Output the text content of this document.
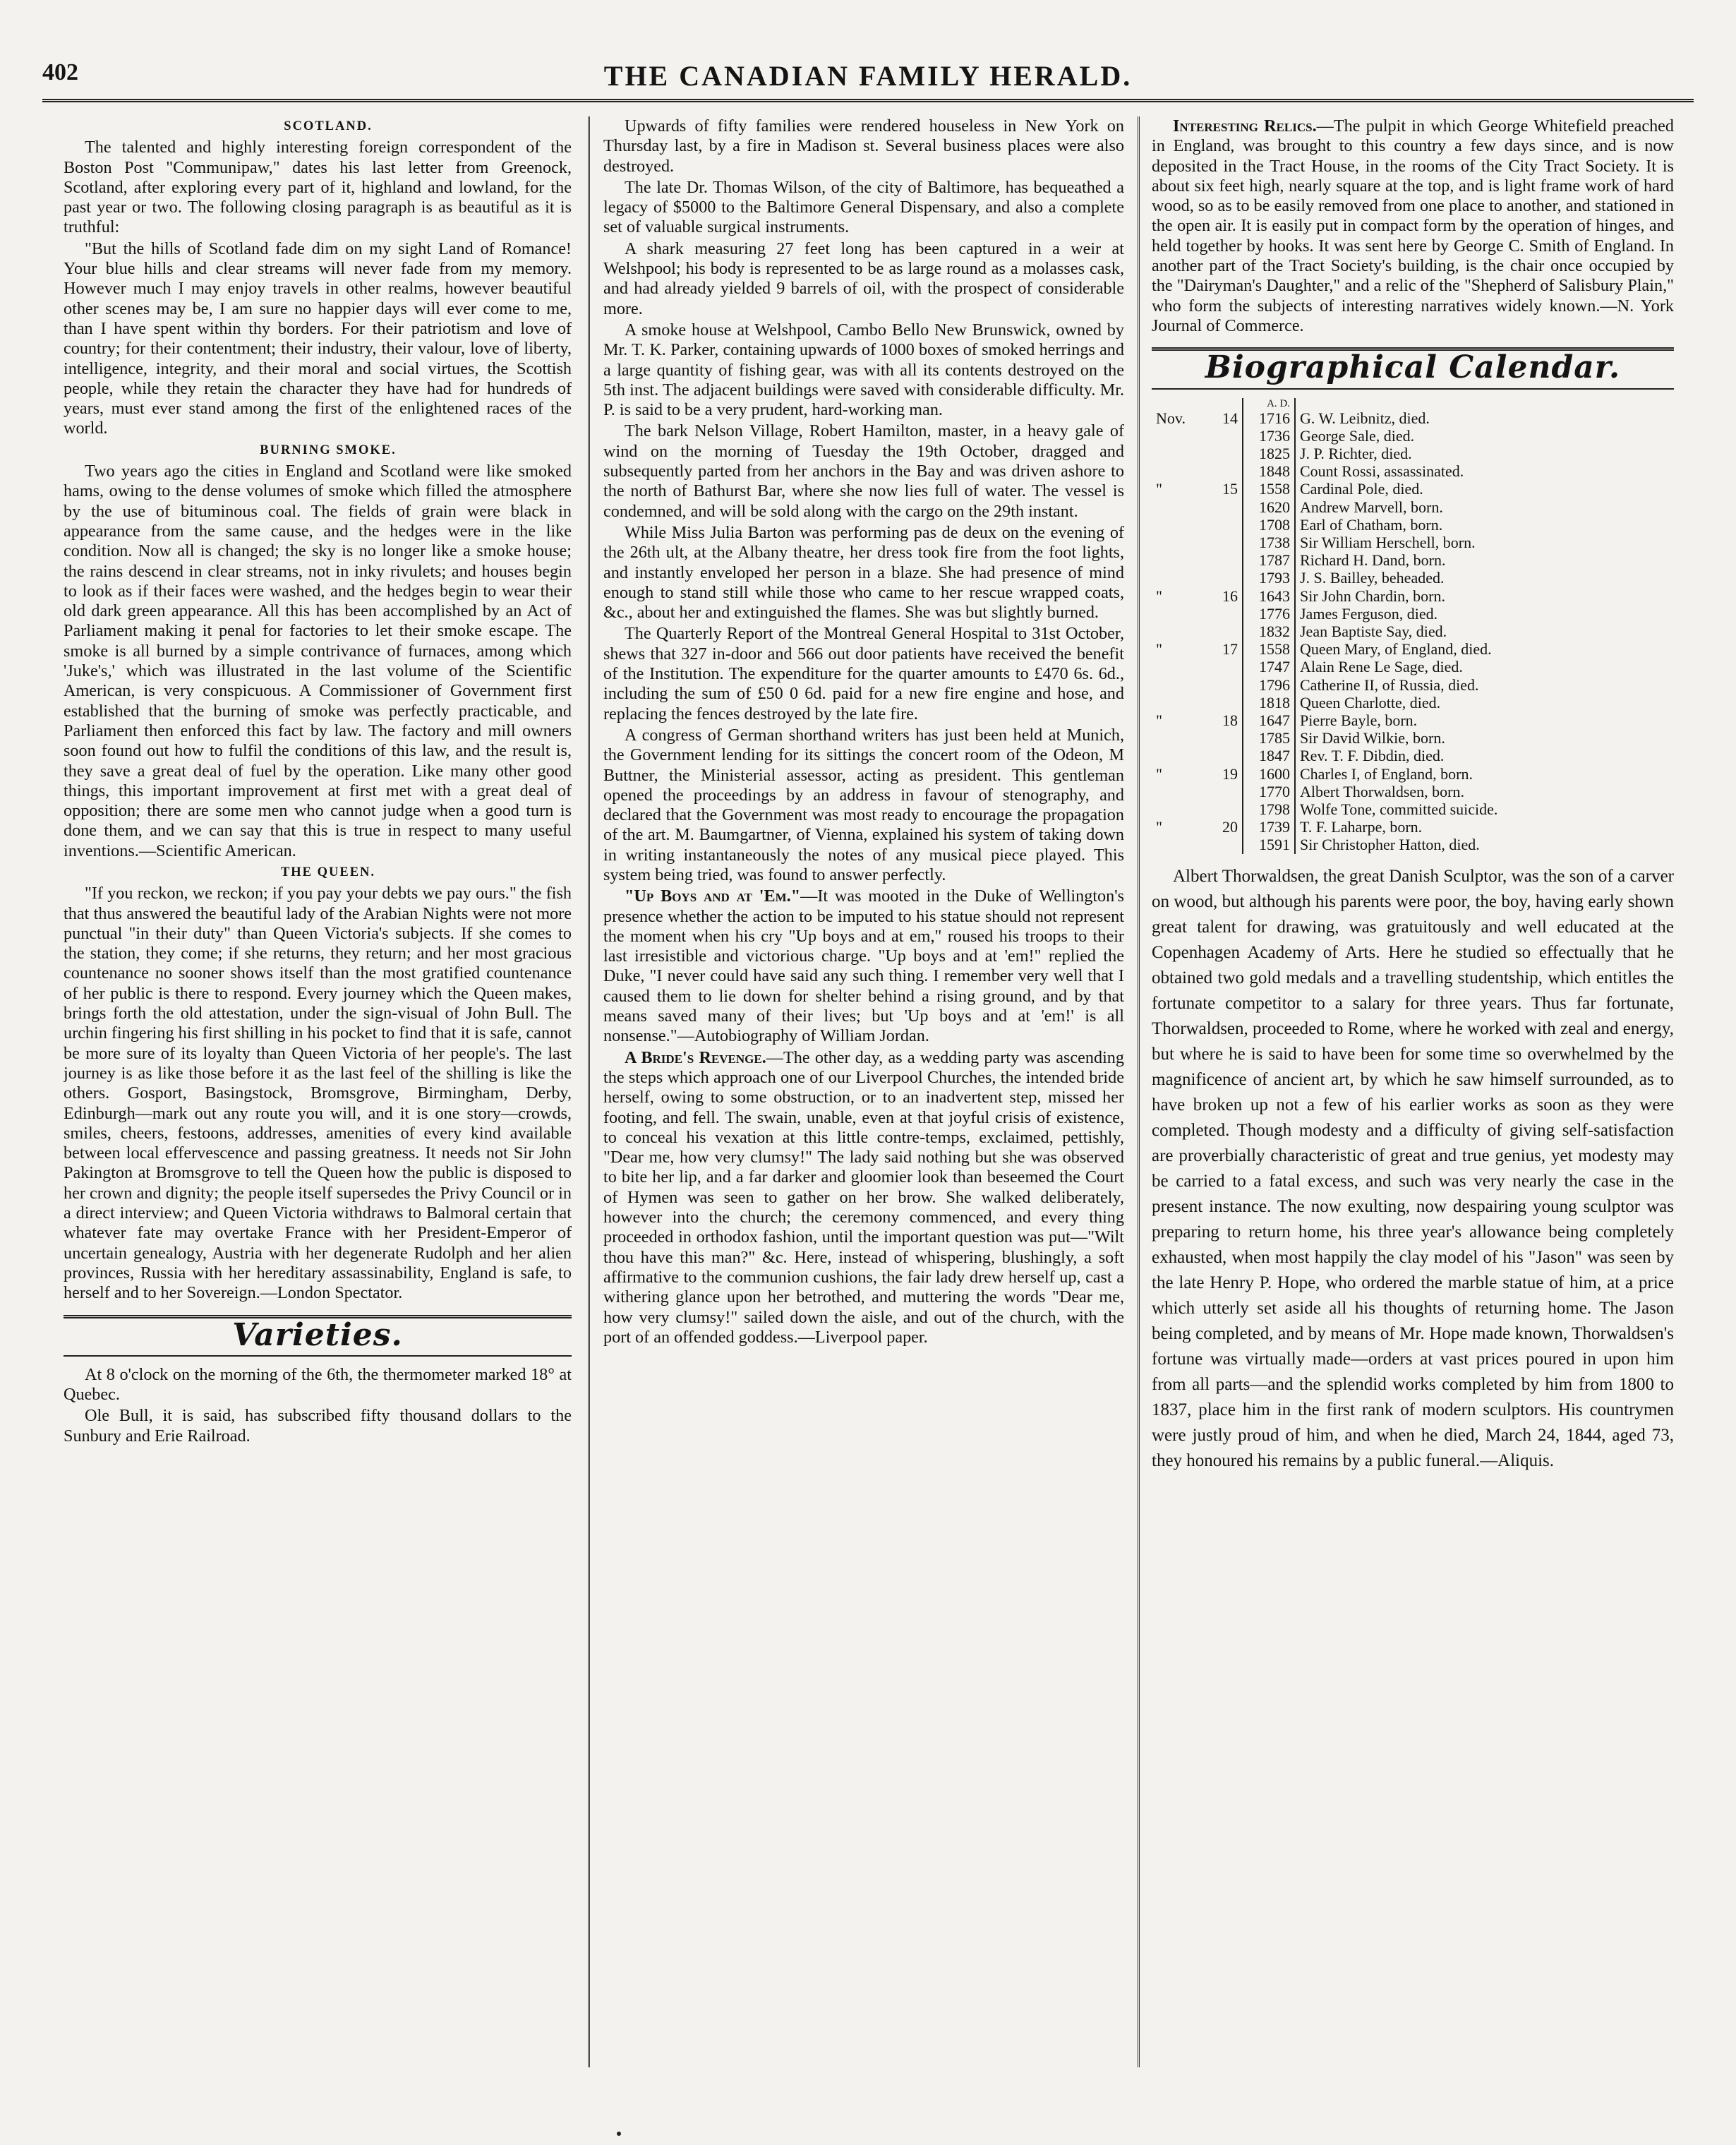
402	THE CANADIAN FAMILY HERALD.

SCOTLAND.

The talented and highly interesting foreign correspondent of the Boston Post "Communipaw," dates his last letter from Greenock, Scotland, after exploring every part of it, highland and lowland, for the past year or two. The following closing paragraph is as beautiful as it is truthful:

"But the hills of Scotland fade dim on my sight Land of Romance! Your blue hills and clear streams will never fade from my memory. However much I may enjoy travels in other realms, however beautiful other scenes may be, I am sure no happier days will ever come to me, than I have spent within thy borders. For their patriotism and love of country; for their contentment; their industry, their valour, love of liberty, intelligence, integrity, and their moral and social virtues, the Scottish people, while they retain the character they have had for hundreds of years, must ever stand among the first of the enlightened races of the world.

BURNING SMOKE.

Two years ago the cities in England and Scotland were like smoked hams, owing to the dense volumes of smoke which filled the atmosphere by the use of bituminous coal. The fields of grain were black in appearance from the same cause, and the hedges were in the like condition. Now all is changed; the sky is no longer like a smoke house; the rains descend in clear streams, not in inky rivulets; and houses begin to look as if their faces were washed, and the hedges begin to wear their old dark green appearance. All this has been accomplished by an Act of Parliament making it penal for factories to let their smoke escape. The smoke is all burned by a simple contrivance of furnaces, among which 'Juke's,' which was illustrated in the last volume of the Scientific American, is very conspicuous. A Commissioner of Government first established that the burning of smoke was perfectly practicable, and Parliament then enforced this fact by law. The factory and mill owners soon found out how to fulfil the conditions of this law, and the result is, they save a great deal of fuel by the operation. Like many other good things, this important improvement at first met with a great deal of opposition; there are some men who cannot judge when a good turn is done them, and we can say that this is true in respect to many useful inventions.—Scientific American.

THE QUEEN.

"If you reckon, we reckon; if you pay your debts we pay ours." the fish that thus answered the beautiful lady of the Arabian Nights were not more punctual "in their duty" than Queen Victoria's subjects. If she comes to the station, they come; if she returns, they return; and her most gracious countenance no sooner shows itself than the most gratified countenance of her public is there to respond. Every journey which the Queen makes, brings forth the old attestation, under the sign-visual of John Bull. The urchin fingering his first shilling in his pocket to find that it is safe, cannot be more sure of its loyalty than Queen Victoria of her people's. The last journey is as like those before it as the last feel of the shilling is like the others. Gosport, Basingstock, Bromsgrove, Birmingham, Derby, Edinburgh—mark out any route you will, and it is one story—crowds, smiles, cheers, festoons, addresses, amenities of every kind available between local effervescence and passing greatness. It needs not Sir John Pakington at Bromsgrove to tell the Queen how the public is disposed to her crown and dignity; the people itself supersedes the Privy Council or in a direct interview; and Queen Victoria withdraws to Balmoral certain that whatever fate may overtake France with her President-Emperor of uncertain genealogy, Austria with her degenerate Rudolph and her alien provinces, Russia with her hereditary assassinability, England is safe, to herself and to her Sovereign.—London Spectator.

Varieties.

At 8 o'clock on the morning of the 6th, the thermometer marked 18° at Quebec.

Ole Bull, it is said, has subscribed fifty thousand dollars to the Sunbury and Erie Railroad.

Upwards of fifty families were rendered houseless in New York on Thursday last, by a fire in Madison st. Several business places were also destroyed.

The late Dr. Thomas Wilson, of the city of Baltimore, has bequeathed a legacy of $5000 to the Baltimore General Dispensary, and also a complete set of valuable surgical instruments.

A shark measuring 27 feet long has been captured in a weir at Welshpool; his body is represented to be as large round as a molasses cask, and had already yielded 9 barrels of oil, with the prospect of considerable more.

A smoke house at Welshpool, Cambo Bello New Brunswick, owned by Mr. T. K. Parker, containing upwards of 1000 boxes of smoked herrings and a large quantity of fishing gear, was with all its contents destroyed on the 5th inst. The adjacent buildings were saved with considerable difficulty. Mr. P. is said to be a very prudent, hard-working man.

The bark Nelson Village, Robert Hamilton, master, in a heavy gale of wind on the morning of Tuesday the 19th October, dragged and subsequently parted from her anchors in the Bay and was driven ashore to the north of Bathurst Bar, where she now lies full of water. The vessel is condemned, and will be sold along with the cargo on the 29th instant.

While Miss Julia Barton was performing pas de deux on the evening of the 26th ult, at the Albany theatre, her dress took fire from the foot lights, and instantly enveloped her person in a blaze. She had presence of mind enough to stand still while those who came to her rescue wrapped coats, &c., about her and extinguished the flames. She was but slightly burned.

The Quarterly Report of the Montreal General Hospital to 31st October, shews that 327 in-door and 566 out door patients have received the benefit of the Institution. The expenditure for the quarter amounts to £470 6s. 6d., including the sum of £50 0 6d. paid for a new fire engine and hose, and replacing the fences destroyed by the late fire.

A congress of German shorthand writers has just been held at Munich, the Government lending for its sittings the concert room of the Odeon, M Buttner, the Ministerial assessor, acting as president. This gentleman opened the proceedings by an address in favour of stenography, and declared that the Government was most ready to encourage the propagation of the art. M. Baumgartner, of Vienna, explained his system of taking down in writing instantaneously the notes of any musical piece played. This system being tried, was found to answer perfectly.

"Up Boys and at 'Em."—It was mooted in the Duke of Wellington's presence whether the action to be imputed to his statue should not represent the moment when his cry "Up boys and at em," roused his troops to their last irresistible and victorious charge. "Up boys and at 'em!" replied the Duke, "I never could have said any such thing. I remember very well that I caused them to lie down for shelter behind a rising ground, and by that means saved many of their lives; but 'Up boys and at 'em!' is all nonsense."—Autobiography of William Jordan.

A Bride's Revenge.—The other day, as a wedding party was ascending the steps which approach one of our Liverpool Churches, the intended bride herself, owing to some obstruction, or to an inadvertent step, missed her footing, and fell. The swain, unable, even at that joyful crisis of existence, to conceal his vexation at this little contre-temps, exclaimed, pettishly, "Dear me, how very clumsy!" The lady said nothing but she was observed to bite her lip, and a far darker and gloomier look than beseemed the Court of Hymen was seen to gather on her brow. She walked deliberately, however into the church; the ceremony commenced, and every thing proceeded in orthodox fashion, until the important question was put—"Wilt thou have this man?" &c. Here, instead of whispering, blushingly, a soft affirmative to the communion cushions, the fair lady drew herself up, cast a withering glance upon her betrothed, and muttering the words "Dear me, how very clumsy!" sailed down the aisle, and out of the church, with the port of an offended goddess.—Liverpool paper.

Interesting Relics.—The pulpit in which George Whitefield preached in England, was brought to this country a few days since, and is now deposited in the Tract House, in the rooms of the City Tract Society. It is about six feet high, nearly square at the top, and is light frame work of hard wood, so as to be easily removed from one place to another, and stationed in the open air. It is easily put in compact form by the operation of hinges, and held together by hooks. It was sent here by George C. Smith of England. In another part of the Tract Society's building, is the chair once occupied by the "Dairyman's Daughter," and a relic of the "Shepherd of Salisbury Plain," who form the subjects of interesting narratives widely known.—N. York Journal of Commerce.

Biographical Calendar.
		A. D.	
Nov.	14	1716	G. W. Leibnitz, died.
		1736	George Sale, died.
		1825	J. P. Richter, died.
		1848	Count Rossi, assassinated.
"	15	1558	Cardinal Pole, died.
		1620	Andrew Marvell, born.
		1708	Earl of Chatham, born.
		1738	Sir William Herschell, born.
		1787	Richard H. Dand, born.
		1793	J. S. Bailley, beheaded.
"	16	1643	Sir John Chardin, born.
		1776	James Ferguson, died.
		1832	Jean Baptiste Say, died.
"	17	1558	Queen Mary, of England, died.
		1747	Alain Rene Le Sage, died.
		1796	Catherine II, of Russia, died.
		1818	Queen Charlotte, died.
"	18	1647	Pierre Bayle, born.
		1785	Sir David Wilkie, born.
		1847	Rev. T. F. Dibdin, died.
"	19	1600	Charles I, of England, born.
		1770	Albert Thorwaldsen, born.
		1798	Wolfe Tone, committed suicide.
"	20	1739	T. F. Laharpe, born.
		1591	Sir Christopher Hatton, died.

Albert Thorwaldsen, the great Danish Sculptor, was the son of a carver on wood, but although his parents were poor, the boy, having early shown great talent for drawing, was gratuitously and well educated at the Copenhagen Academy of Arts. Here he studied so effectually that he obtained two gold medals and a travelling studentship, which entitles the fortunate competitor to a salary for three years. Thus far fortunate, Thorwaldsen, proceeded to Rome, where he worked with zeal and energy, but where he is said to have been for some time so overwhelmed by the magnificence of ancient art, by which he saw himself surrounded, as to have broken up not a few of his earlier works as soon as they were completed. Though modesty and a difficulty of giving self-satisfaction are proverbially characteristic of great and true genius, yet modesty may be carried to a fatal excess, and such was very nearly the case in the present instance. The now exulting, now despairing young sculptor was preparing to return home, his three year's allowance being completely exhausted, when most happily the clay model of his "Jason" was seen by the late Henry P. Hope, who ordered the marble statue of him, at a price which utterly set aside all his thoughts of returning home. The Jason being completed, and by means of Mr. Hope made known, Thorwaldsen's fortune was virtually made—orders at vast prices poured in upon him from all parts—and the splendid works completed by him from 1800 to 1837, place him in the first rank of modern sculptors. His countrymen were justly proud of him, and when he died, March 24, 1844, aged 73, they honoured his remains by a public funeral.—Aliquis.
